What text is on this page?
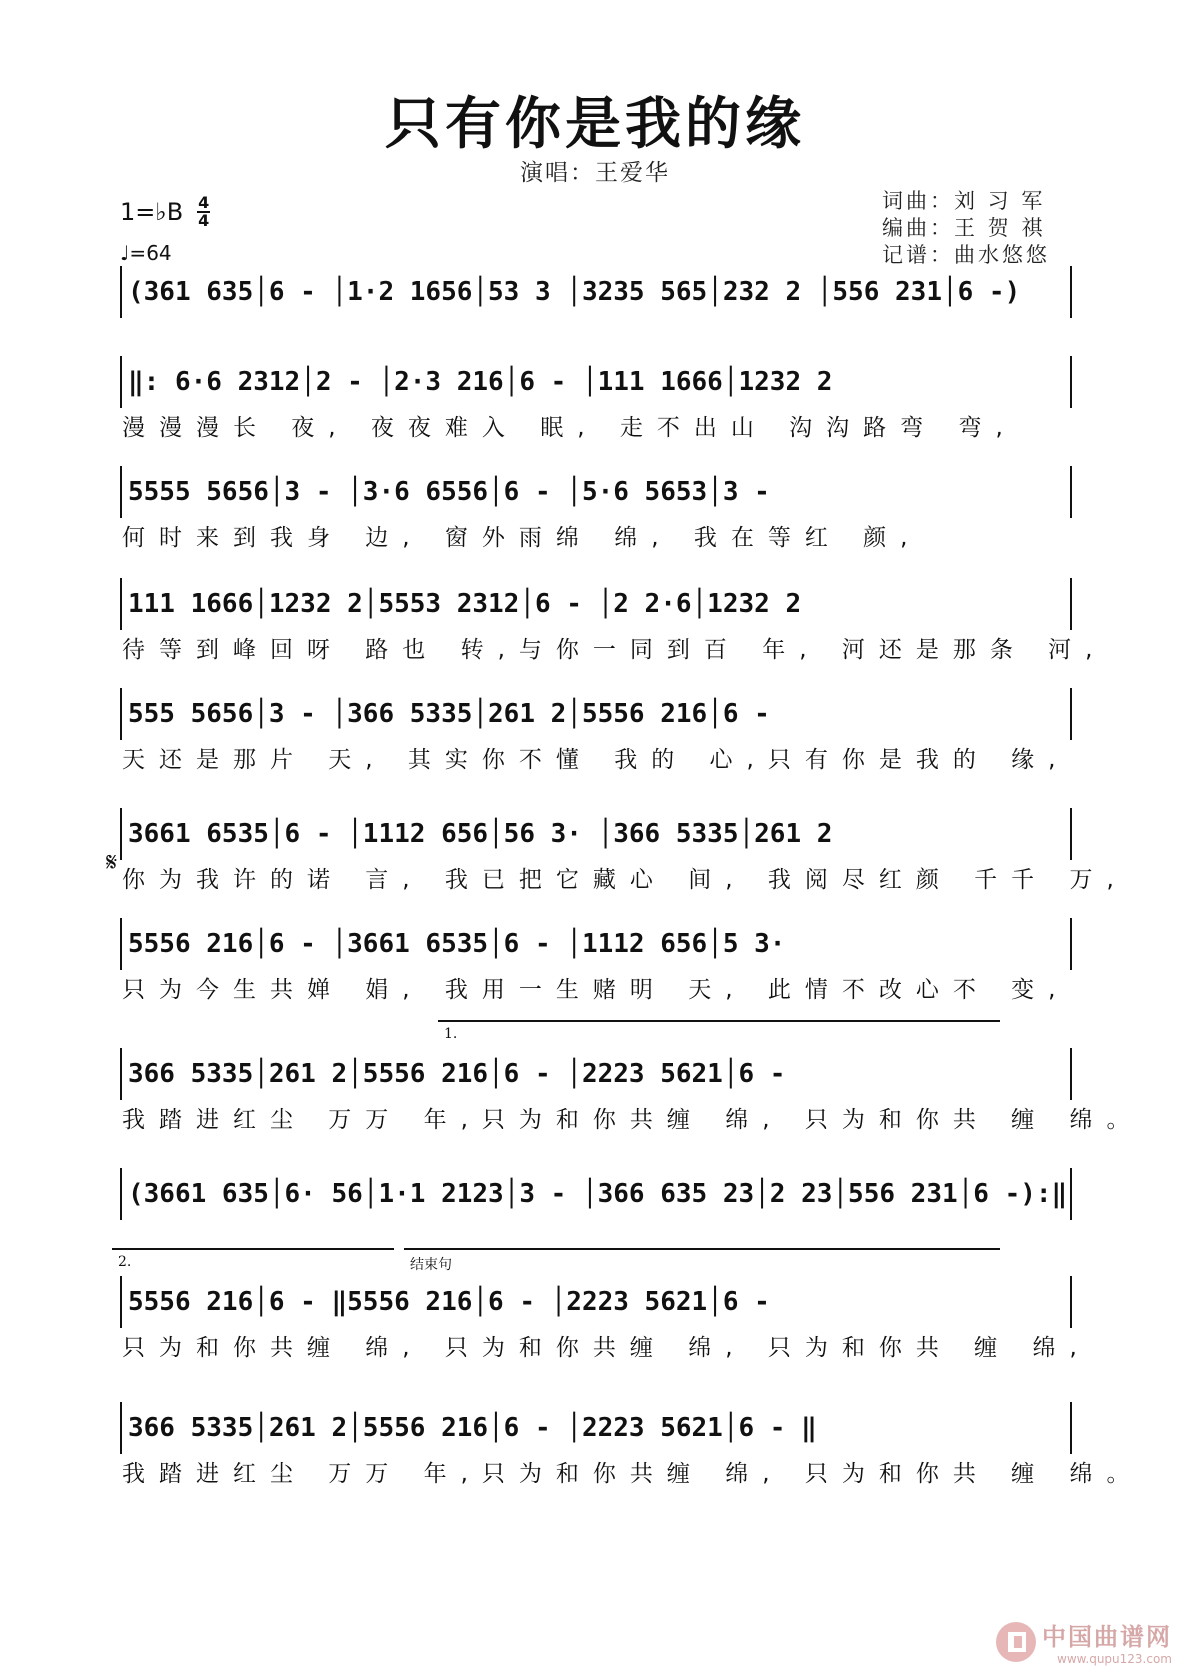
只有你是我的缘
演唱：王爱华
1=♭B 4
4
♩=64
词曲：刘 习 军
编曲：王 贺 祺
记谱：曲水悠悠
𝄋
1.
2.	结束句
(361 635│6 - │1·2 1656│53 3 │3235 565│232 2 │556 231│6 -)
‖: 6·6 2312│2 - │2·3 216│6 - │111 1666│1232 2
漫漫漫长 夜, 夜夜难入 眠, 走不出山 沟沟路弯 弯,
5555 5656│3 - │3·6 6556│6 - │5·6 5653│3 -
何时来到我身 边, 窗外雨绵 绵, 我在等红 颜,
111 1666│1232 2│5553 2312│6 - │2 2·6│1232 2
待等到峰回呀 路也 转,与你一同到百 年, 河还是那条 河,
555 5656│3 - │366 5335│261 2│5556 216│6 -
天还是那片 天, 其实你不懂 我的 心,只有你是我的 缘,
3661 6535│6 - │1112 656│56 3· │366 5335│261 2
你为我许的诺 言, 我已把它藏心 间, 我阅尽红颜 千千 万,
5556 216│6 - │3661 6535│6 - │1112 656│5 3·
只为今生共婵 娟, 我用一生赌明 天, 此情不改心不 变,
366 5335│261 2│5556 216│6 - │2223 5621│6 -
我踏进红尘 万万 年,只为和你共缠 绵, 只为和你共 缠 绵。
(3661 635│6· 56│1·1 2123│3 - │366 635 23│2 23│556 231│6 -):‖
5556 216│6 - ‖5556 216│6 - │2223 5621│6 -
只为和你共缠 绵, 只为和你共缠 绵, 只为和你共 缠 绵,
366 5335│261 2│5556 216│6 - │2223 5621│6 - ‖
我踏进红尘 万万 年,只为和你共缠 绵, 只为和你共 缠 绵。
中国曲谱网
www.qupu123.com
